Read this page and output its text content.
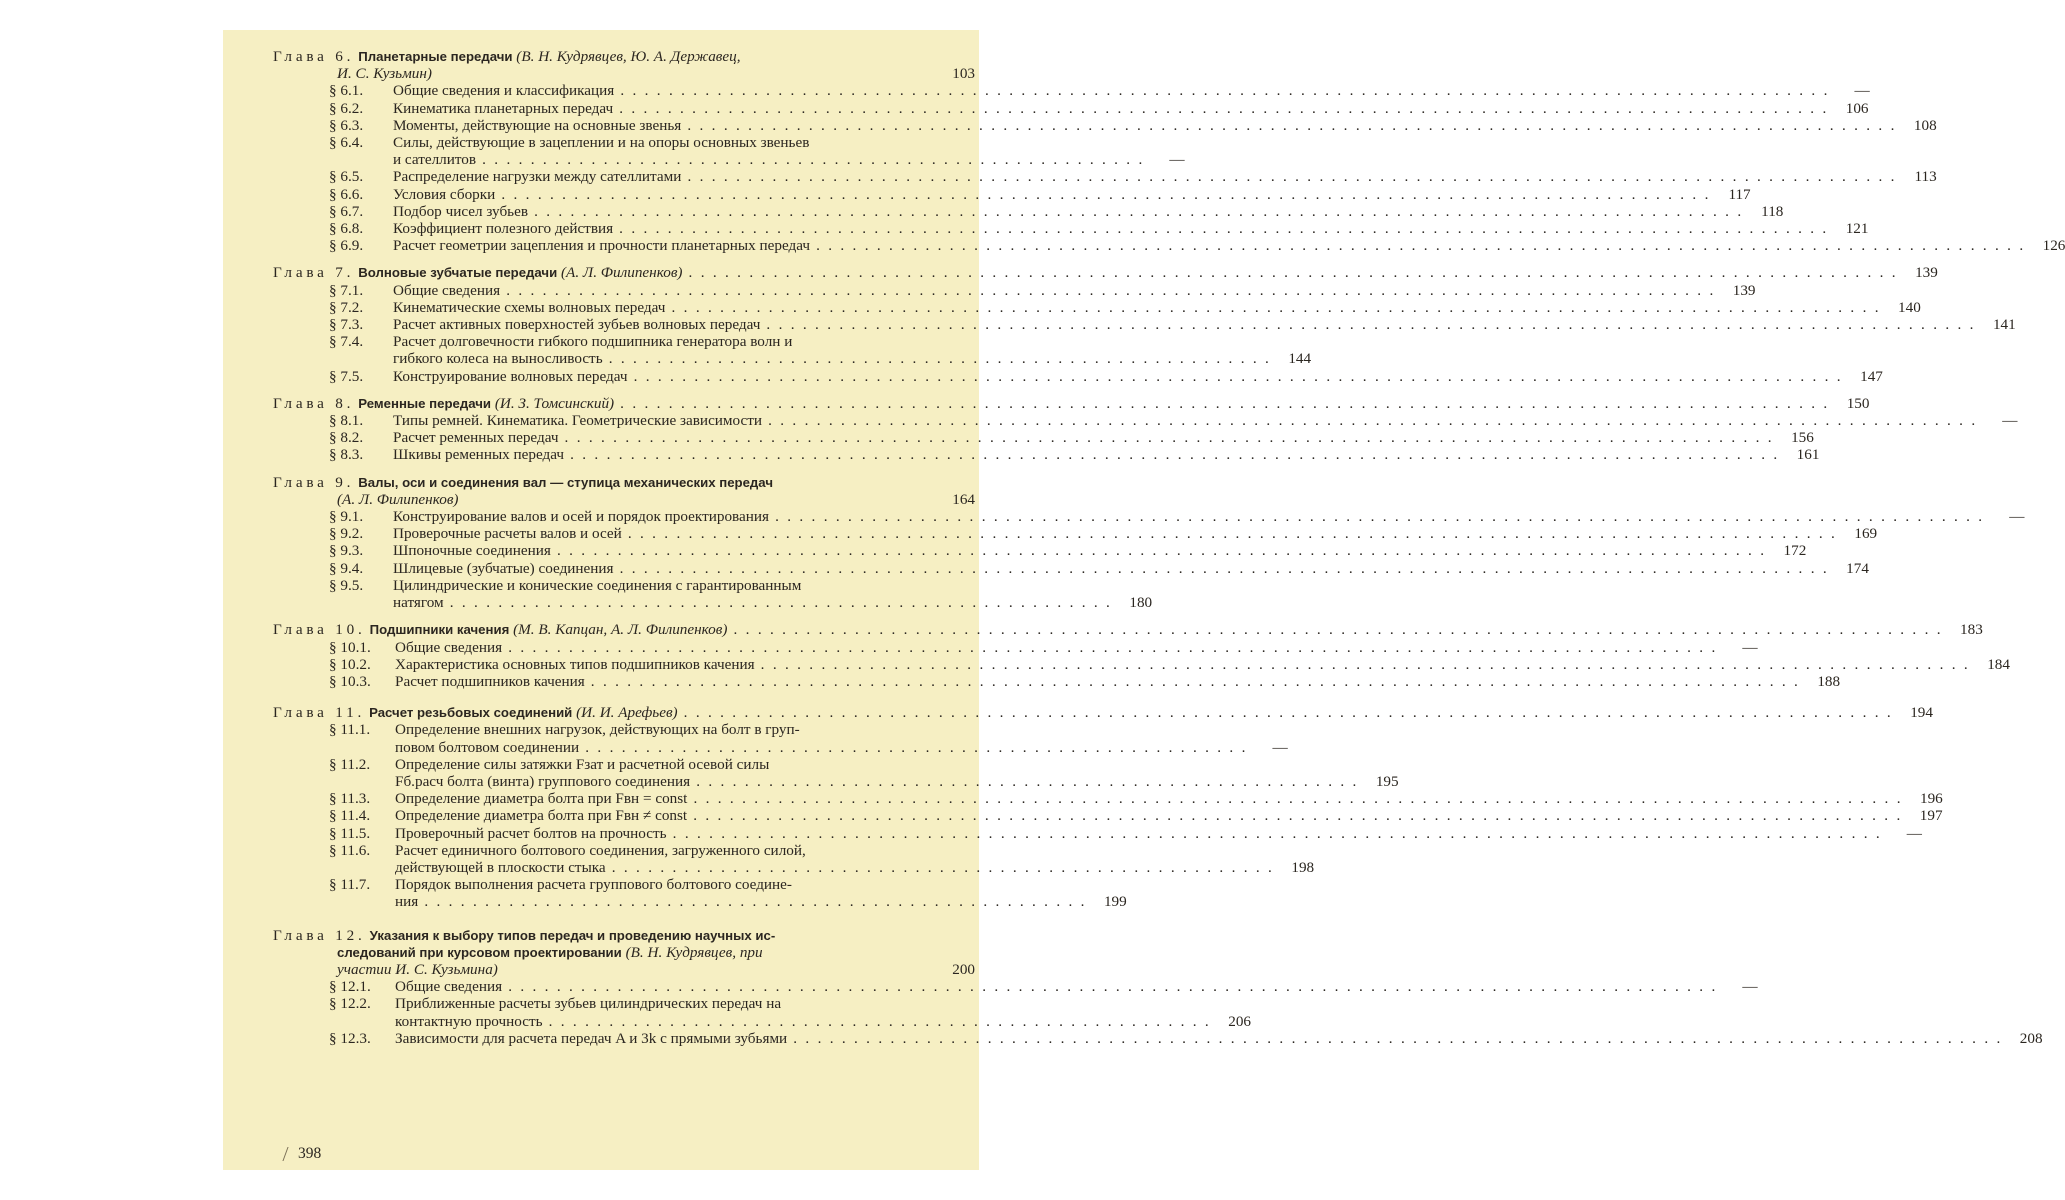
Глава 6. Планетарные передачи (В. Н. Кудрявцев, Ю. А. Державец,
И. С. Кузьмин)	103
§ 6.1. Общие сведения и классификация . . .	—
§ 6.2. Кинематика планетарных передач . . .	106
§ 6.3. Моменты, действующие на основные звенья . . .	108
§ 6.4. Силы, действующие в зацеплении и на опоры основных звеньев
и сателлитов . . . . . . . . . . . . . . . . . . . . . . . . . . . . . . . . . . . . . . . . . . . . . . . . . . . . . . .	—
§ 6.5. Распределение нагрузки между сателлитами . . .	113
§ 6.6. Условия сборки . . .	117
§ 6.7. Подбор чисел зубьев . . .	118
§ 6.8. Коэффициент полезного действия . . .	121
§ 6.9. Расчет геометрии зацепления и прочности планетарных передач . . .	126
Глава 7. Волновые зубчатые передачи (А. Л. Филипенков) . . .	139
§ 7.1. Общие сведения . . .	139
§ 7.2. Кинематические схемы волновых передач . . .	140
§ 7.3. Расчет активных поверхностей зубьев волновых передач . . .	141
§ 7.4. Расчет долговечности гибкого подшипника генератора волн и
гибкого колеса на выносливость . . . . . . . . . . . . . . . . . . . . . . . . . . . . . . . . . . . . . . . . . . . . . . . . . . . . . . .	144
§ 7.5. Конструирование волновых передач . . .	147
Глава 8. Ременные передачи (И. З. Томсинский) . . .	150
§ 8.1. Типы ремней. Кинематика. Геометрические зависимости . . .	—
§ 8.2. Расчет ременных передач . . .	156
§ 8.3. Шкивы ременных передач . . .	161
Глава 9. Валы, оси и соединения вал — ступица механических передач
(А. Л. Филипенков)	164
§ 9.1. Конструирование валов и осей и порядок проектирования . . .	—
§ 9.2. Проверочные расчеты валов и осей . . .	169
§ 9.3. Шпоночные соединения . . .	172
§ 9.4. Шлицевые (зубчатые) соединения . . .	174
§ 9.5. Цилиндрические и конические соединения с гарантированным
натягом . . . . . . . . . . . . . . . . . . . . . . . . . . . . . . . . . . . . . . . . . . . . . . . . . . . . . . .	180
Глава 10. Подшипники качения (М. В. Капцан, А. Л. Филипенков) . . .	183
§ 10.1. Общие сведения . . .	—
§ 10.2. Характеристика основных типов подшипников качения . . .	184
§ 10.3. Расчет подшипников качения . . .	188
Глава 11. Расчет резьбовых соединений (И. И. Арефьев) . . .	194
§ 11.1. Определение внешних нагрузок, действующих на болт в груп-
повом болтовом соединении . . . . . . . . . . . . . . . . . . . . . . . . . . . . . . . . . . . . . . . . . . . . . . . . . . . . . . .	—
§ 11.2. Определение силы затяжки Fзат и расчетной осевой силы
Fб.расч болта (винта) группового соединения . . . . . . . . . . . . . . . . . . . . . . . . . . . . . . . . . . . . . . . . . . . . . . . . . . . . . . .	195
§ 11.3. Определение диаметра болта при Fвн = const . . .	196
§ 11.4. Определение диаметра болта при Fвн ≠ const . . .	197
§ 11.5. Проверочный расчет болтов на прочность . . .	—
§ 11.6. Расчет единичного болтового соединения, загруженного силой,
действующей в плоскости стыка . . . . . . . . . . . . . . . . . . . . . . . . . . . . . . . . . . . . . . . . . . . . . . . . . . . . . . .	198
§ 11.7. Порядок выполнения расчета группового болтового соедине-
ния . . . . . . . . . . . . . . . . . . . . . . . . . . . . . . . . . . . . . . . . . . . . . . . . . . . . . . .	199
Глава 12. Указания к выбору типов передач и проведению научных ис-
следований при курсовом проектировании (В. Н. Кудрявцев, при
участии И. С. Кузьмина)	200
§ 12.1. Общие сведения . . .	—
§ 12.2. Приближенные расчеты зубьев цилиндрических передач на
контактную прочность . . . . . . . . . . . . . . . . . . . . . . . . . . . . . . . . . . . . . . . . . . . . . . . . . . . . . . .	206
§ 12.3. Зависимости для расчета передач A и 3k с прямыми зубьями . . .	208
398
